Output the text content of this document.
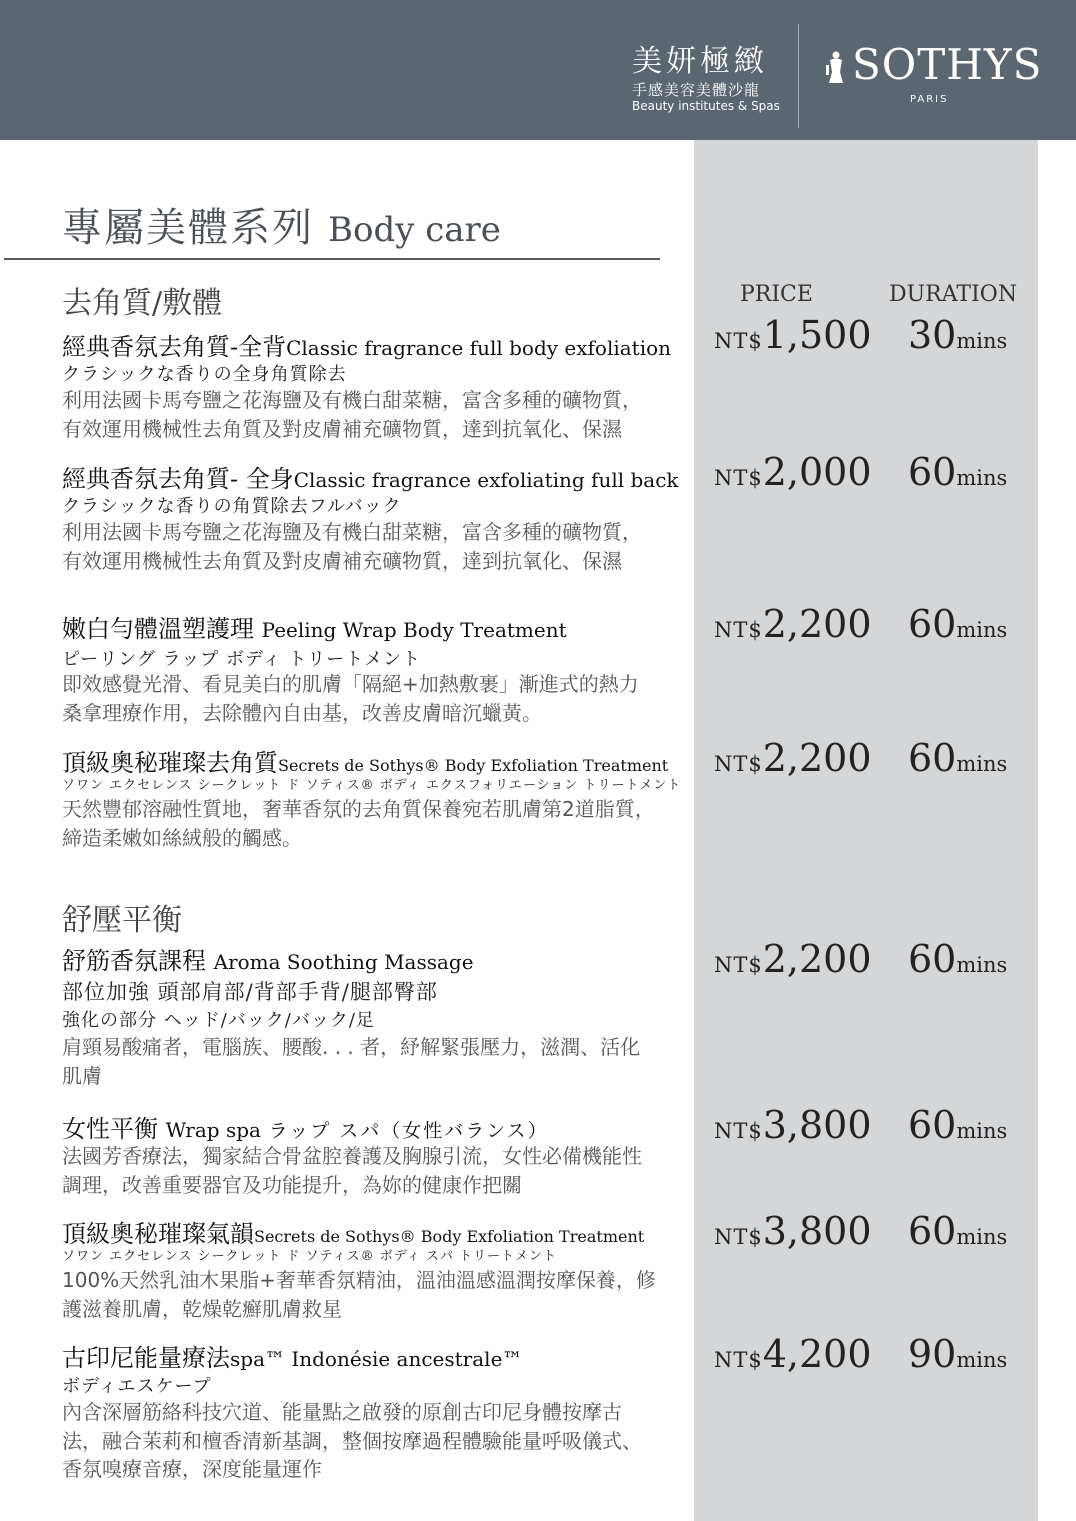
美妍極緻
手感美容美體沙龍
Beauty institutes & Spas
SOTHYS
PARIS
專屬美體系列 Body care
PRICE	DURATION
去角質/敷體
經典香氛去角質-全背Classic fragrance full body exfoliation
クラシックな香りの全身角質除去
利用法國卡馬夸鹽之花海鹽及有機白甜菜糖，富含多種的礦物質，有效運用機械性去角質及對皮膚補充礦物質，達到抗氧化、保濕
NT$1,500 30mins
經典香氛去角質- 全身Classic fragrance exfoliating full back
クラシックな香りの角質除去フルバック
利用法國卡馬夸鹽之花海鹽及有機白甜菜糖，富含多種的礦物質，有效運用機械性去角質及對皮膚補充礦物質，達到抗氧化、保濕
NT$2,000 60mins
嫩白勻體溫塑護理 Peeling Wrap Body Treatment
ピーリング ラップ ボディ トリートメント
即效感覺光滑、看見美白的肌膚「隔絕+加熱敷裹」漸進式的熱力桑拿理療作用，去除體內自由基，改善皮膚暗沉蠟黃。
NT$2,200 60mins
頂級奧秘璀璨去角質Secrets de Sothys® Body Exfoliation Treatment
ソワン エクセレンス シークレット ド ソティス® ボディ エクスフォリエーション トリートメント
天然豐郁溶融性質地，奢華香氛的去角質保養宛若肌膚第2道脂質，締造柔嫩如絲絨般的觸感。
NT$2,200 60mins
舒壓平衡
舒筋香氛課程 Aroma Soothing Massage
部位加強 頭部肩部/背部手背/腿部臀部
強化の部分 ヘッド/バック/バック/足
肩頸易酸痛者，電腦族、腰酸. . . 者，紓解緊張壓力，滋潤、活化肌膚
NT$2,200 60mins
女性平衡 Wrap spa ラップ スパ（女性バランス）
法國芳香療法，獨家結合骨盆腔養護及胸腺引流，女性必備機能性調理，改善重要器官及功能提升，為妳的健康作把關
NT$3,800 60mins
頂級奧秘璀璨氣韻Secrets de Sothys® Body Exfoliation Treatment
ソワン エクセレンス シークレット ド ソティス® ボディ スパ トリートメント
100%天然乳油木果脂+奢華香氛精油，溫油溫感溫潤按摩保養，修護滋養肌膚，乾燥乾癬肌膚救星
NT$3,800 60mins
古印尼能量療法spa™ Indonésie ancestrale™
ボディエスケープ
內含深層筋絡科技穴道、能量點之啟發的原創古印尼身體按摩古法，融合茉莉和檀香清新基調，整個按摩過程體驗能量呼吸儀式、香氛嗅療音療，深度能量運作
NT$4,200 90mins
